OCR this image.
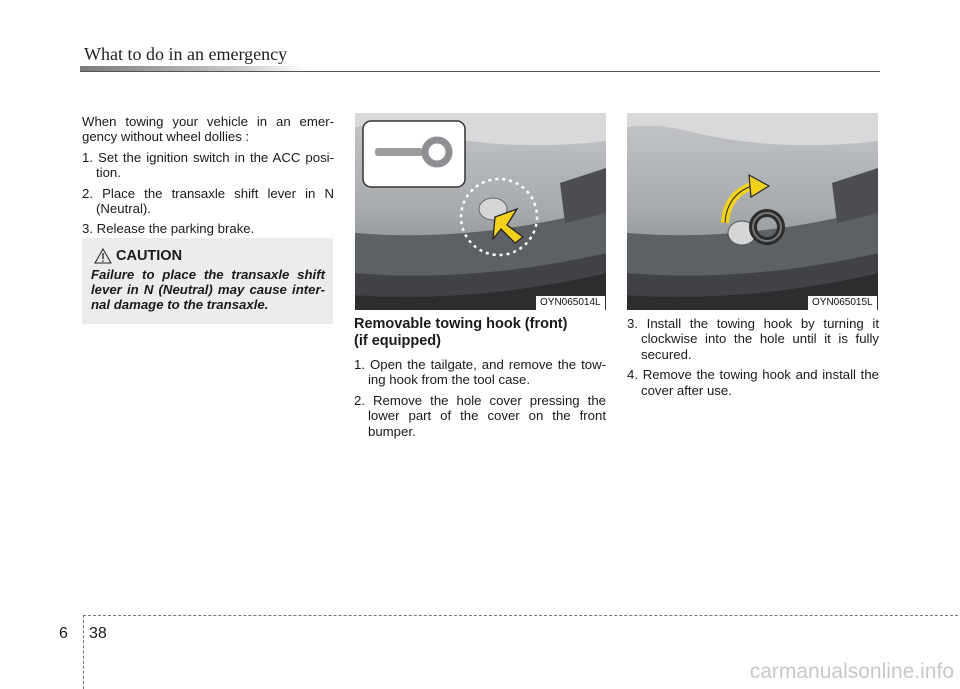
What to do in an emergency

When towing your vehicle in an emer-gency without wheel dollies :

1. Set the ignition switch in the ACC posi-tion.

2. Place the transaxle shift lever in N (Neutral).

3. Release the parking brake.

CAUTION
Failure to place the transaxle shift lever in N (Neutral) may cause inter-nal damage to the transaxle.	OYN065014L	OYN065015L
Removable towing hook (front)
(if equipped)

1. Open the tailgate, and remove the tow-ing hook from the tool case.

2. Remove the hole cover pressing the lower part of the cover on the front bumper.

3. Install the towing hook by turning it clockwise into the hole until it is fully secured.

4. Remove the towing hook and install the cover after use.

6 38
carmanualsonline.info
